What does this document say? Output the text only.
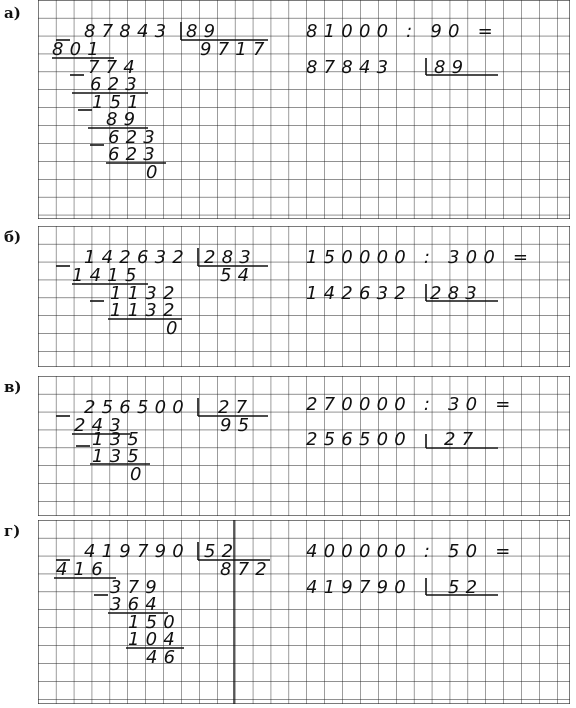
а)
87843 89
9717
801
774
623
151
89
623
623
0
81000 : 90 =
87843 89
б)
142632 283
54
1415
1132
1132
0
150000 : 300 =
142632 283
в)
256500 27
95
243
135
135
0
270000 : 30 =
256500 27
г)
419790 52
872
416
379
364
150
104
46
400000 : 50 =
419790 52
